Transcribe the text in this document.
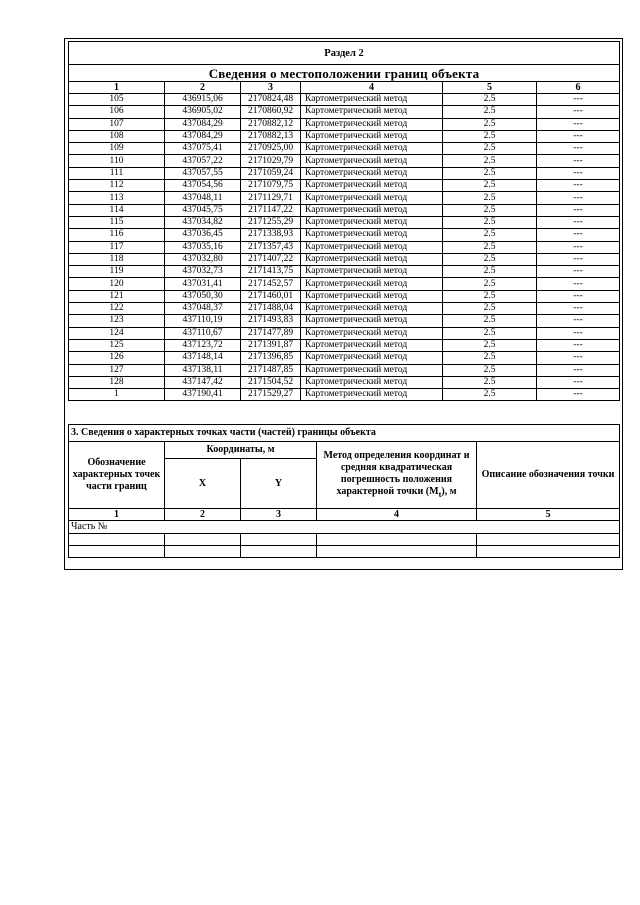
Раздел 2					
Сведения о местоположении границ объекта					
1	2	3	4	5	6
105	436915,06	2170824,48	Картометрический метод	2.5	---
106	436905,02	2170860,92	Картометрический метод	2.5	---
107	437084,29	2170882,12	Картометрический метод	2.5	---
108	437084,29	2170882,13	Картометрический метод	2.5	---
109	437075,41	2170925,00	Картометрический метод	2.5	---
110	437057,22	2171029,79	Картометрический метод	2.5	---
111	437057,55	2171059,24	Картометрический метод	2.5	---
112	437054,56	2171079,75	Картометрический метод	2.5	---
113	437048,11	2171129,71	Картометрический метод	2.5	---
114	437045,75	2171147,22	Картометрический метод	2.5	---
115	437034,82	2171255,29	Картометрический метод	2.5	---
116	437036,45	2171338,93	Картометрический метод	2.5	---
117	437035,16	2171357,43	Картометрический метод	2.5	---
118	437032,80	2171407,22	Картометрический метод	2.5	---
119	437032,73	2171413,75	Картометрический метод	2.5	---
120	437031,41	2171452,57	Картометрический метод	2.5	---
121	437050,30	2171460,01	Картометрический метод	2.5	---
122	437048,37	2171488,04	Картометрический метод	2.5	---
123	437110,19	2171493,83	Картометрический метод	2.5	---
124	437110,67	2171477,89	Картометрический метод	2.5	---
125	437123,72	2171391,87	Картометрический метод	2.5	---
126	437148,14	2171396,85	Картометрический метод	2.5	---
127	437138,11	2171487,85	Картометрический метод	2.5	---
128	437147,42	2171504,52	Картометрический метод	2.5	---
1	437190,41	2171529,27	Картометрический метод	2.5	---
3. Сведения о характерных точках части (частей) границы объекта				
Обозначение характерных точек части границ	Координаты, м		Метод определения координат и средняя квадратическая погрешность положения характерной точки $(M_t)$, м	Описание обозначения точки
	X	Y		
1	2	3	4	5
Часть №				
